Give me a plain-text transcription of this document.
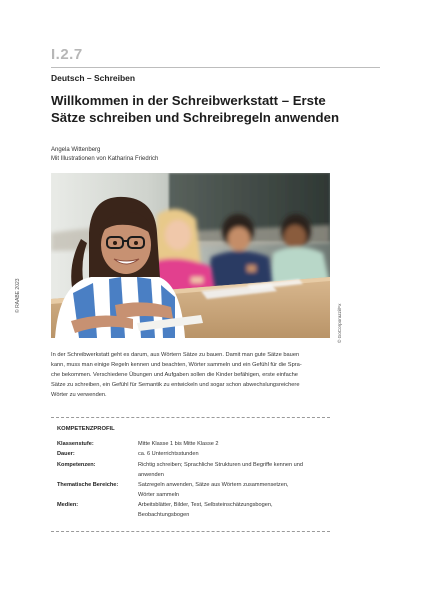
I.2.7
Deutsch – Schreiben
Willkommen in der Schreibwerkstatt – Erste
Sätze schreiben und Schreibregeln anwenden
Angela Wittenberg
Mit Illustrationen von Katharina Friedrich
© RAABE 2023
© GoCorporazzi/Fx
In der Schreibwerkstatt geht es darum, aus Wörtern Sätze zu bauen. Damit man gute Sätze bauen
kann, muss man einige Regeln kennen und beachten, Wörter sammeln und ein Gefühl für die Spra-
che bekommen. Verschiedene Übungen und Aufgaben sollen die Kinder befähigen, erste einfache
Sätze zu schreiben, ein Gefühl für Semantik zu entwickeln und sogar schon abwechslungsreichere
Wörter zu verwenden.
KOMPETENZPROFIL
Klassenstufe:	Mitte Klasse 1 bis Mitte Klasse 2
Dauer:	ca. 6 Unterrichtsstunden
Kompetenzen:	Richtig schreiben; Sprachliche Strukturen und Begriffe kennen und
anwenden
Thematische Bereiche:	Satzregeln anwenden, Sätze aus Wörtern zusammensetzen,
Wörter sammeln
Medien:	Arbeitsblätter, Bilder, Test, Selbsteinschätzungsbogen,
Beobachtungsbogen
